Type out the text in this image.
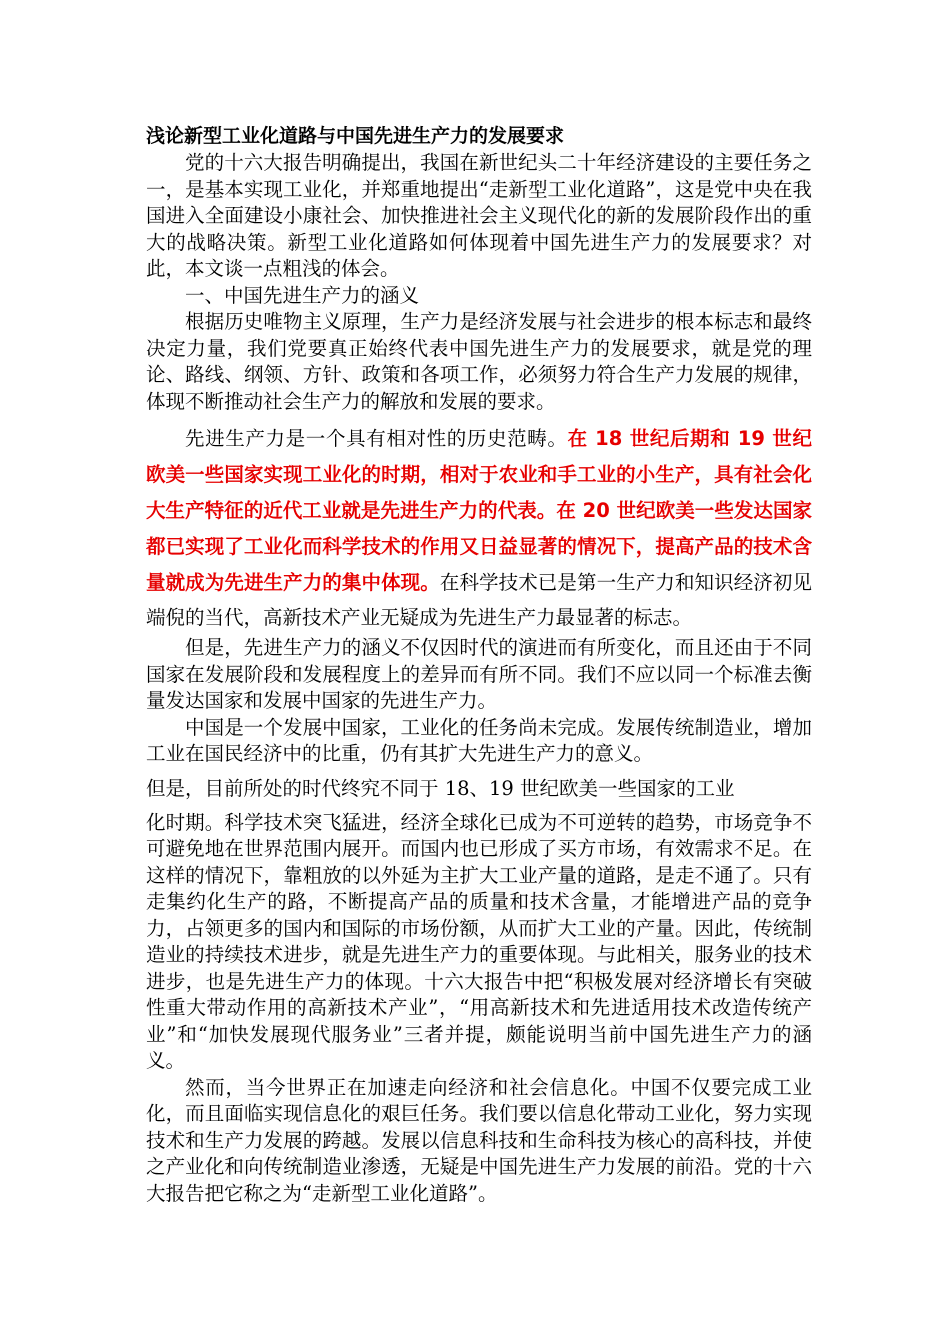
浅论新型工业化道路与中国先进生产力的发展要求

党的十六大报告明确提出，我国在新世纪头二十年经济建设的主要任务之一，是基本实现工业化，并郑重地提出“走新型工业化道路”，这是党中央在我国进入全面建设小康社会、加快推进社会主义现代化的新的发展阶段作出的重大的战略决策。新型工业化道路如何体现着中国先进生产力的发展要求？对此，本文谈一点粗浅的体会。

一、中国先进生产力的涵义

根据历史唯物主义原理，生产力是经济发展与社会进步的根本标志和最终决定力量，我们党要真正始终代表中国先进生产力的发展要求，就是党的理论、路线、纲领、方针、政策和各项工作，必须努力符合生产力发展的规律，体现不断推动社会生产力的解放和发展的要求。

先进生产力是一个具有相对性的历史范畴。在 18 世纪后期和 19 世纪欧美一些国家实现工业化的时期，相对于农业和手工业的小生产，具有社会化大生产特征的近代工业就是先进生产力的代表。在 20 世纪欧美一些发达国家都已实现了工业化而科学技术的作用又日益显著的情况下，提高产品的技术含量就成为先进生产力的集中体现。在科学技术已是第一生产力和知识经济初见端倪的当代，高新技术产业无疑成为先进生产力最显著的标志。

但是，先进生产力的涵义不仅因时代的演进而有所变化，而且还由于不同国家在发展阶段和发展程度上的差异而有所不同。我们不应以同一个标准去衡量发达国家和发展中国家的先进生产力。

中国是一个发展中国家，工业化的任务尚未完成。发展传统制造业，增加工业在国民经济中的比重，仍有其扩大先进生产力的意义。

但是，目前所处的时代终究不同于 18、19 世纪欧美一些国家的工业

化时期。科学技术突飞猛进，经济全球化已成为不可逆转的趋势，市场竞争不可避免地在世界范围内展开。而国内也已形成了买方市场，有效需求不足。在这样的情况下，靠粗放的以外延为主扩大工业产量的道路，是走不通了。只有走集约化生产的路，不断提高产品的质量和技术含量，才能增进产品的竞争力，占领更多的国内和国际的市场份额，从而扩大工业的产量。因此，传统制造业的持续技术进步，就是先进生产力的重要体现。与此相关，服务业的技术进步，也是先进生产力的体现。十六大报告中把“积极发展对经济增长有突破性重大带动作用的高新技术产业”，“用高新技术和先进适用技术改造传统产业”和“加快发展现代服务业”三者并提，颇能说明当前中国先进生产力的涵义。

然而，当今世界正在加速走向经济和社会信息化。中国不仅要完成工业化，而且面临实现信息化的艰巨任务。我们要以信息化带动工业化，努力实现技术和生产力发展的跨越。发展以信息科技和生命科技为核心的高科技，并使之产业化和向传统制造业渗透，无疑是中国先进生产力发展的前沿。党的十六大报告把它称之为“走新型工业化道路”。
